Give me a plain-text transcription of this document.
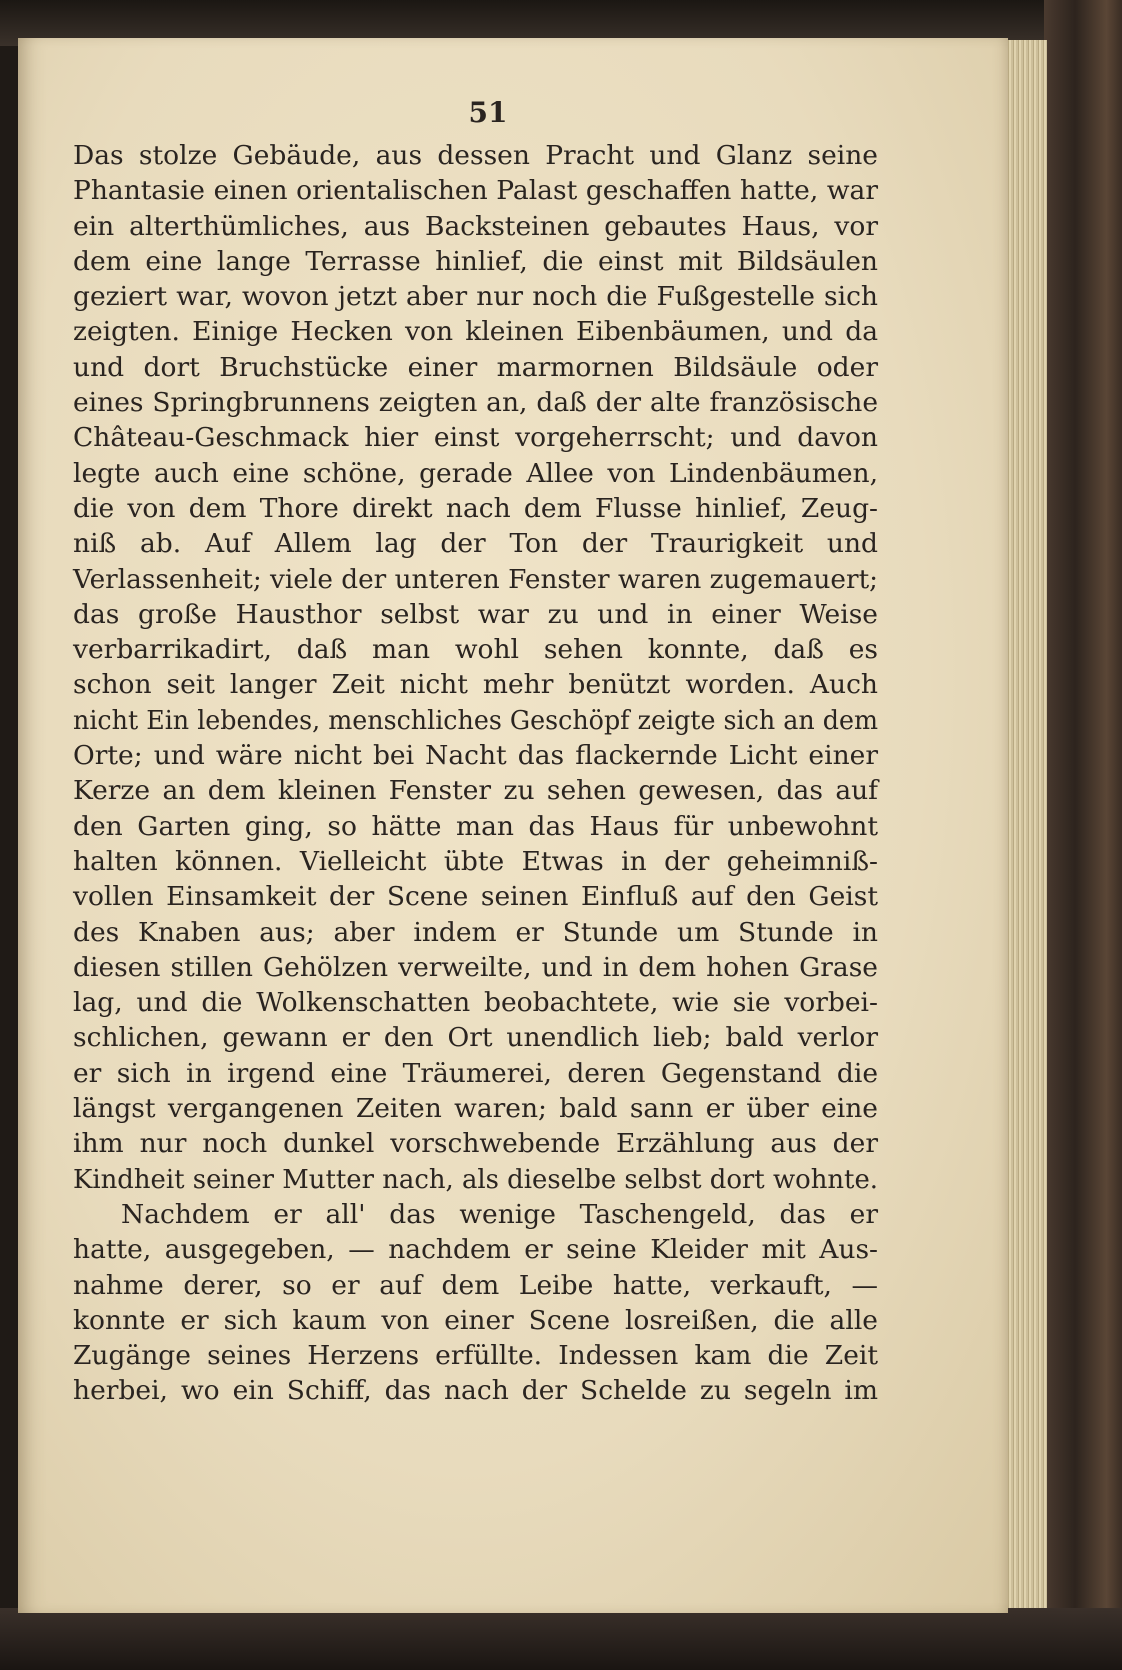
51
Das stolze Gebäude, aus dessen Pracht und Glanz seine
Phantasie einen orientalischen Palast geschaffen hatte, war
ein alterthümliches, aus Backsteinen gebautes Haus, vor
dem eine lange Terrasse hinlief, die einst mit Bildsäulen
geziert war, wovon jetzt aber nur noch die Fußgestelle sich
zeigten. Einige Hecken von kleinen Eibenbäumen, und da
und dort Bruchstücke einer marmornen Bildsäule oder
eines Springbrunnens zeigten an, daß der alte französische
Château-Geschmack hier einst vorgeherrscht; und davon
legte auch eine schöne, gerade Allee von Lindenbäumen,
die von dem Thore direkt nach dem Flusse hinlief, Zeug-
niß ab. Auf Allem lag der Ton der Traurigkeit und
Verlassenheit; viele der unteren Fenster waren zugemauert;
das große Hausthor selbst war zu und in einer Weise
verbarrikadirt, daß man wohl sehen konnte, daß es
schon seit langer Zeit nicht mehr benützt worden. Auch
nicht Ein lebendes, menschliches Geschöpf zeigte sich an dem
Orte; und wäre nicht bei Nacht das flackernde Licht einer
Kerze an dem kleinen Fenster zu sehen gewesen, das auf
den Garten ging, so hätte man das Haus für unbewohnt
halten können. Vielleicht übte Etwas in der geheimniß-
vollen Einsamkeit der Scene seinen Einfluß auf den Geist
des Knaben aus; aber indem er Stunde um Stunde in
diesen stillen Gehölzen verweilte, und in dem hohen Grase
lag, und die Wolkenschatten beobachtete, wie sie vorbei-
schlichen, gewann er den Ort unendlich lieb; bald verlor
er sich in irgend eine Träumerei, deren Gegenstand die
längst vergangenen Zeiten waren; bald sann er über eine
ihm nur noch dunkel vorschwebende Erzählung aus der
Kindheit seiner Mutter nach, als dieselbe selbst dort wohnte.
Nachdem er all' das wenige Taschengeld, das er
hatte, ausgegeben, — nachdem er seine Kleider mit Aus-
nahme derer, so er auf dem Leibe hatte, verkauft, —
konnte er sich kaum von einer Scene losreißen, die alle
Zugänge seines Herzens erfüllte. Indessen kam die Zeit
herbei, wo ein Schiff, das nach der Schelde zu segeln im
